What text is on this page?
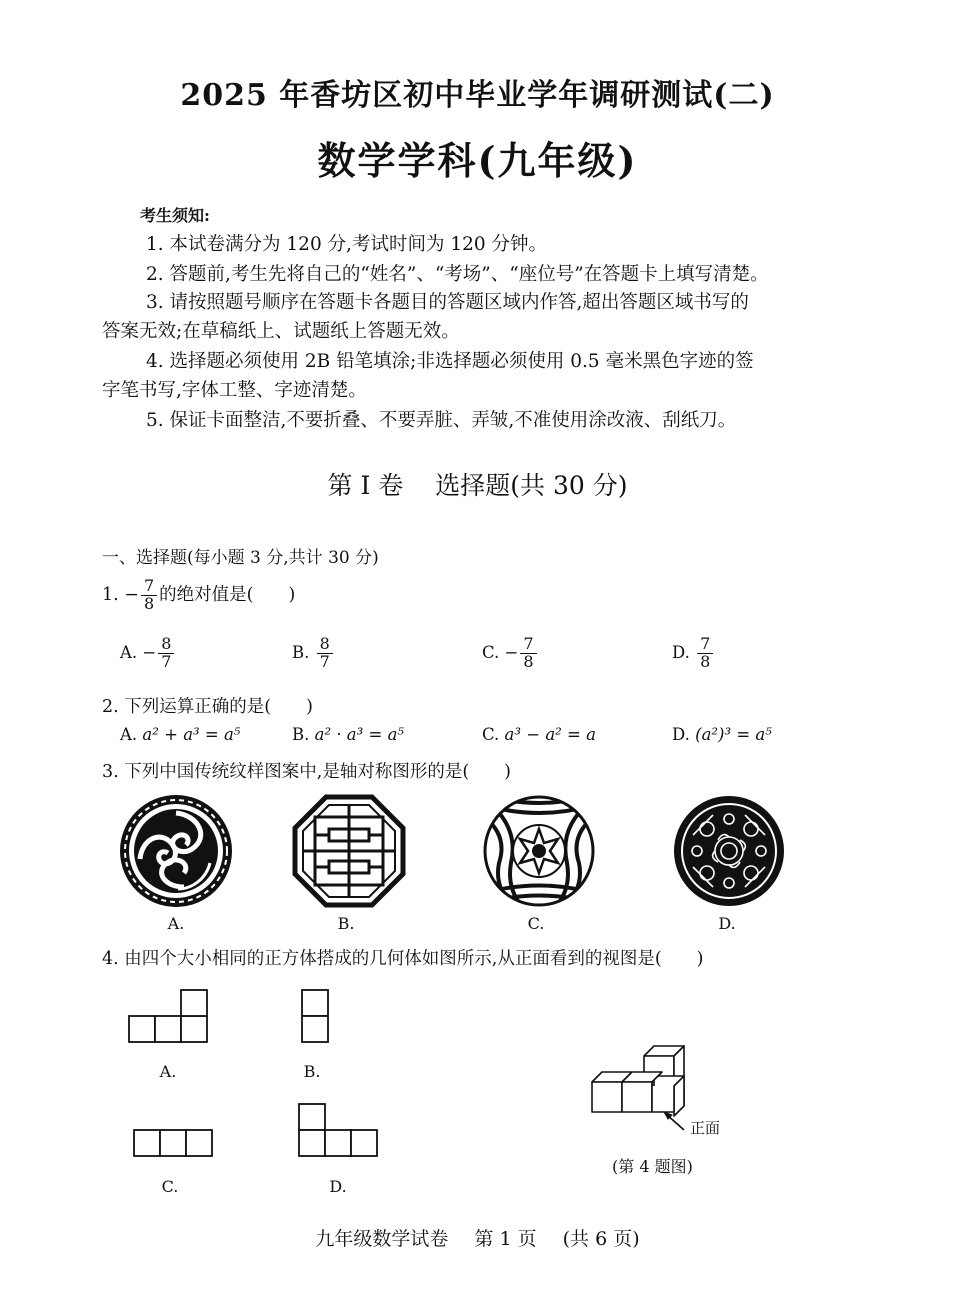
2025 年香坊区初中毕业学年调研测试(二)
数学学科(九年级)
考生须知:
1. 本试卷满分为 120 分,考试时间为 120 分钟。
2. 答题前,考生先将自己的“姓名”、“考场”、“座位号”在答题卡上填写清楚。
3. 请按照题号顺序在答题卡各题目的答题区域内作答,超出答题区域书写的
答案无效;在草稿纸上、试题纸上答题无效。
4. 选择题必须使用 2B 铅笔填涂;非选择题必须使用 0.5 毫米黑色字迹的签
字笔书写,字体工整、字迹清楚。
5. 保证卡面整洁,不要折叠、不要弄脏、弄皱,不准使用涂改液、刮纸刀。
第 I 卷 选择题(共 30 分)
一、选择题(每小题 3 分,共计 30 分)
1. − $\frac{7}{8}$ 的绝对值是(　　)
A. − $\frac{8}{7}$	B. $\frac{8}{7}$	C. − $\frac{7}{8}$	D. $\frac{7}{8}$
2. 下列运算正确的是(　　)
A. a² + a³ = a⁵	B. a² · a³ = a⁵	C. a³ − a² = a	D. (a²)³ = a⁵
3. 下列中国传统纹样图案中,是轴对称图形的是(　　)
A.	B.	C.	D.
4. 由四个大小相同的正方体搭成的几何体如图所示,从正面看到的视图是(　　)
A.	B.
C.	D.
正面
(第 4 题图)
九年级数学试卷 第 1 页 (共 6 页)
